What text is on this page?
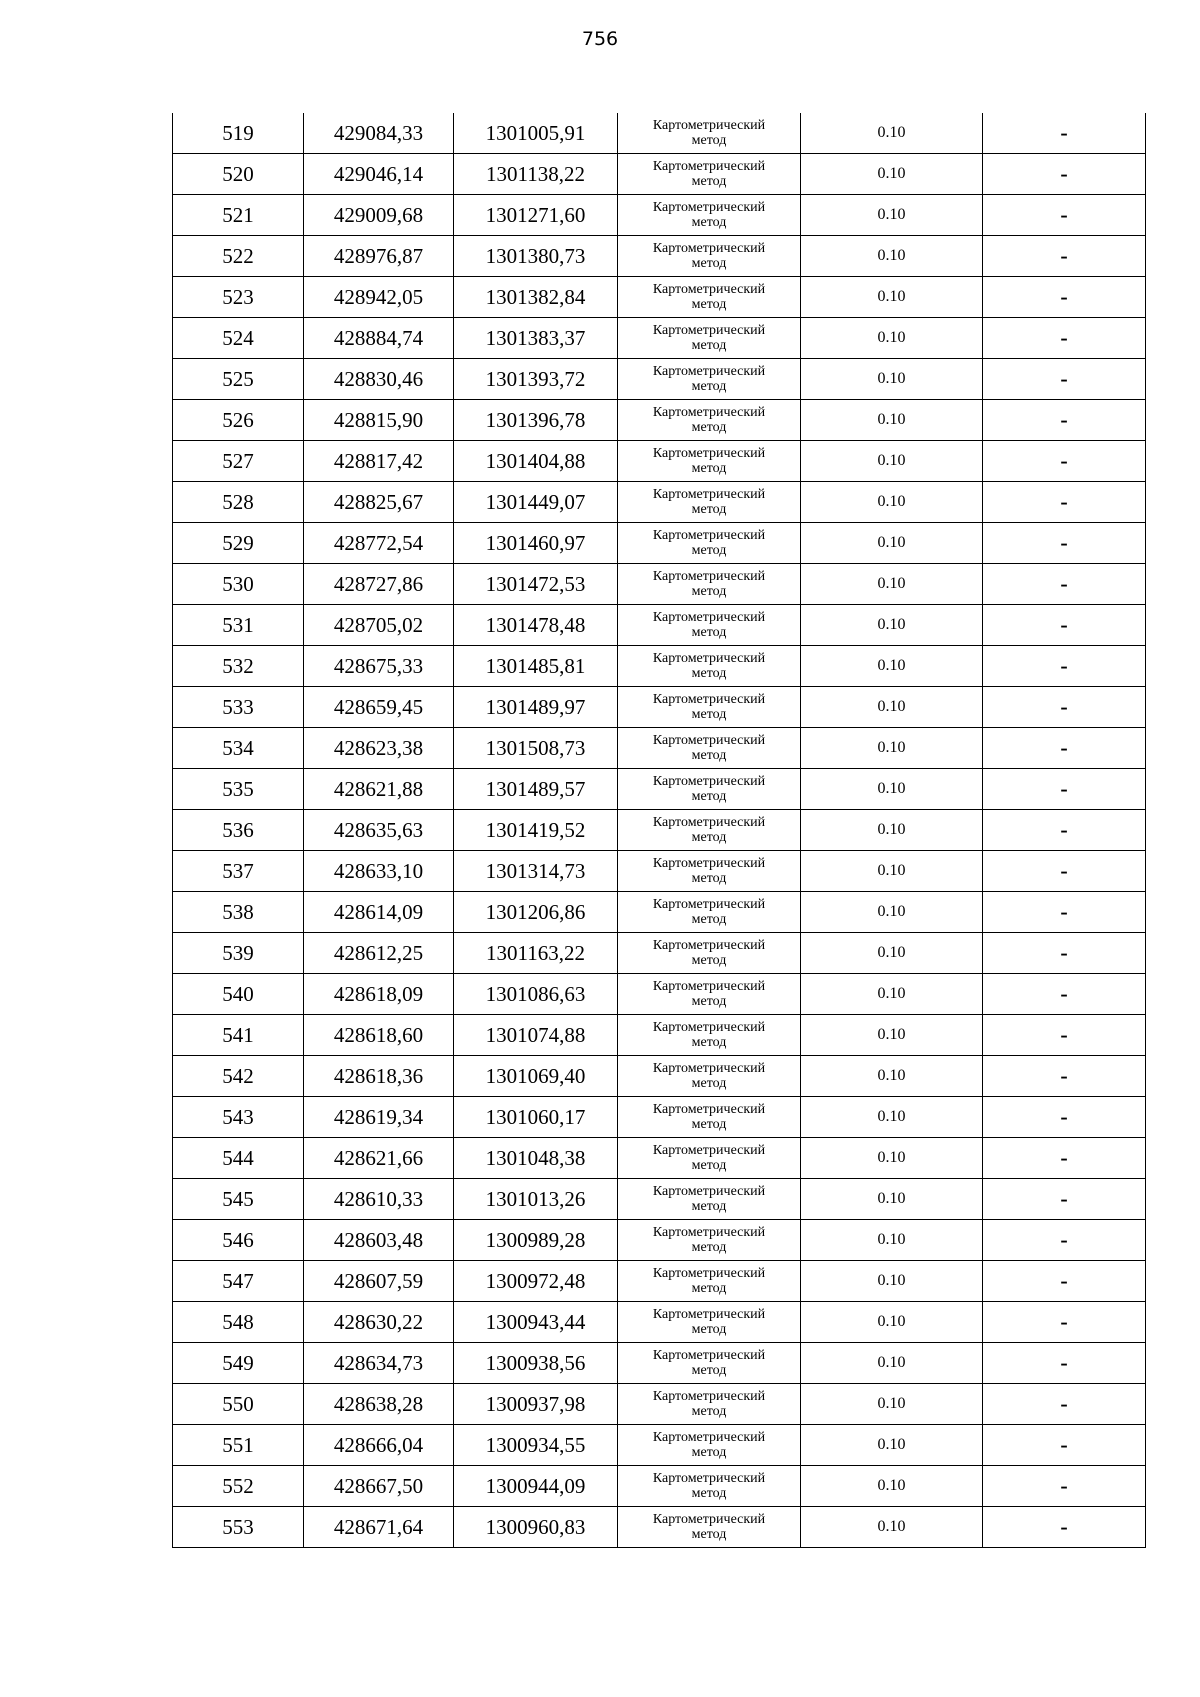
756
519	429084,33	1301005,91	Картометрический
метод	0.10	-
520	429046,14	1301138,22	Картометрический
метод	0.10	-
521	429009,68	1301271,60	Картометрический
метод	0.10	-
522	428976,87	1301380,73	Картометрический
метод	0.10	-
523	428942,05	1301382,84	Картометрический
метод	0.10	-
524	428884,74	1301383,37	Картометрический
метод	0.10	-
525	428830,46	1301393,72	Картометрический
метод	0.10	-
526	428815,90	1301396,78	Картометрический
метод	0.10	-
527	428817,42	1301404,88	Картометрический
метод	0.10	-
528	428825,67	1301449,07	Картометрический
метод	0.10	-
529	428772,54	1301460,97	Картометрический
метод	0.10	-
530	428727,86	1301472,53	Картометрический
метод	0.10	-
531	428705,02	1301478,48	Картометрический
метод	0.10	-
532	428675,33	1301485,81	Картометрический
метод	0.10	-
533	428659,45	1301489,97	Картометрический
метод	0.10	-
534	428623,38	1301508,73	Картометрический
метод	0.10	-
535	428621,88	1301489,57	Картометрический
метод	0.10	-
536	428635,63	1301419,52	Картометрический
метод	0.10	-
537	428633,10	1301314,73	Картометрический
метод	0.10	-
538	428614,09	1301206,86	Картометрический
метод	0.10	-
539	428612,25	1301163,22	Картометрический
метод	0.10	-
540	428618,09	1301086,63	Картометрический
метод	0.10	-
541	428618,60	1301074,88	Картометрический
метод	0.10	-
542	428618,36	1301069,40	Картометрический
метод	0.10	-
543	428619,34	1301060,17	Картометрический
метод	0.10	-
544	428621,66	1301048,38	Картометрический
метод	0.10	-
545	428610,33	1301013,26	Картометрический
метод	0.10	-
546	428603,48	1300989,28	Картометрический
метод	0.10	-
547	428607,59	1300972,48	Картометрический
метод	0.10	-
548	428630,22	1300943,44	Картометрический
метод	0.10	-
549	428634,73	1300938,56	Картометрический
метод	0.10	-
550	428638,28	1300937,98	Картометрический
метод	0.10	-
551	428666,04	1300934,55	Картометрический
метод	0.10	-
552	428667,50	1300944,09	Картометрический
метод	0.10	-
553	428671,64	1300960,83	Картометрический
метод	0.10	-
